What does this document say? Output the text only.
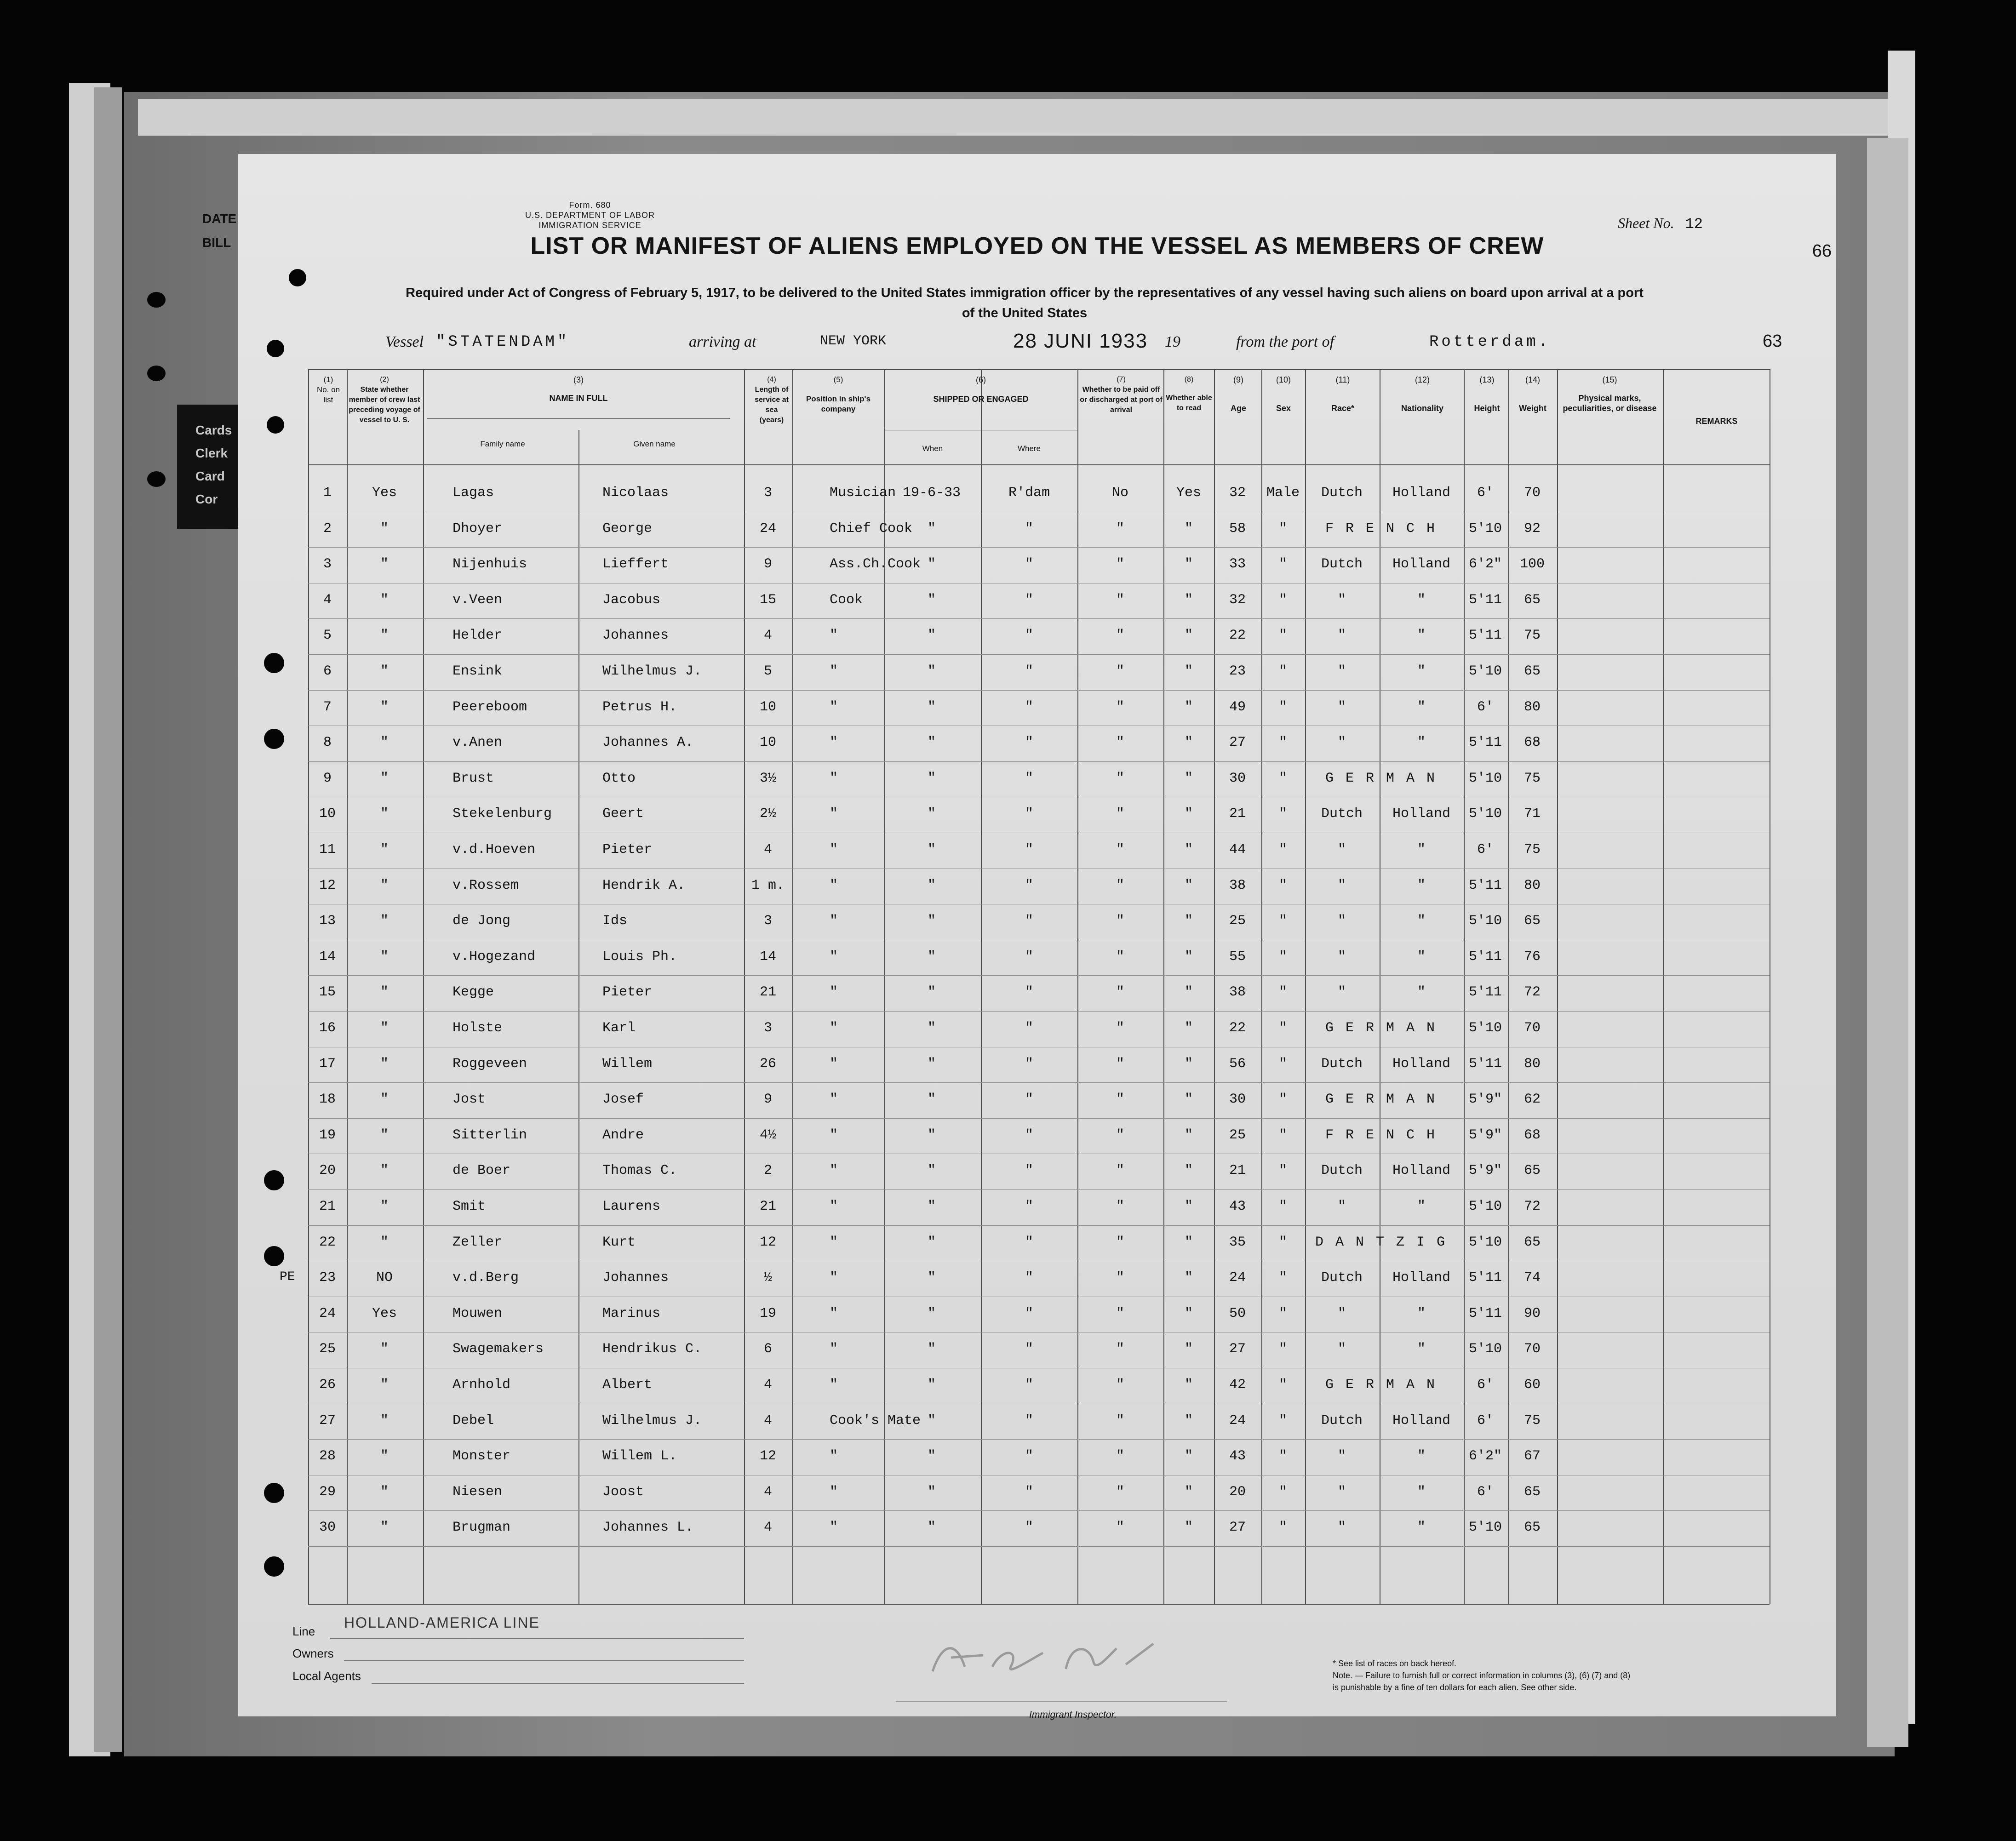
DATE
BILL
Cards
Clerk
Card
Cor
Form. 680
U.S. DEPARTMENT OF LABOR
IMMIGRATION SERVICE	Sheet No. 12
66
LIST OR MANIFEST OF ALIENS EMPLOYED ON THE VESSEL AS MEMBERS OF CREW
Required under Act of Congress of February 5, 1917, to be delivered to the United States immigration officer by the representatives of any vessel having such aliens on board upon arrival at a port
of the United States
Vessel "STATENDAM"	arriving at	NEW YORK	28 JUNI 1933 19	from the port of	Rotterdam.	63
(1)
No. on list
(2)
State whether member of crew last preceding voyage of vessel to U. S.
(3)
NAME IN FULL
Family name	Given name
(4)
Length of service at sea (years)
(5)
Position in ship's company
(6)
SHIPPED OR ENGAGED
When	Where
(7)
Whether to be paid off or discharged at port of arrival
(8)
Whether able to read
(9)
Age
(10)
Sex
(11)
Race*
(12)
Nationality
(13)
Height
(14)
Weight
(15)
Physical marks, peculiarities, or disease
REMARKS
1	Yes	Lagas	Nicolaas	3	Musician 19-6-33	R'dam	No	Yes 32 Male Dutch Holland 6' 70
2	"	Dhoyer	George	24	Chief Cook "	"	"	"	58 "	F R E N C H 5'10 92
3	"	Nijenhuis	Lieffert	9	Ass.Ch.Cook "	"	"	"	33 " Dutch Holland 6'2" 100
4	"	v.Veen	Jacobus	15	Cook	"	"	"	"	32 "	"	"	5'11 65
5	"	Helder	Johannes	4	"	"	"	"	"	22 "	"	"	5'11 75
6	"	Ensink	Wilhelmus J.	5	"	"	"	"	"	23 "	"	"	5'10 65
7	"	Peereboom	Petrus H.	10	"	"	"	"	"	49 "	"	"	6' 80
8	"	v.Anen	Johannes A.	10	"	"	"	"	"	27 "	"	"	5'11 68
9	"	Brust	Otto	3½	"	"	"	"	"	30 "	G E R M A N 5'10 75
10	"	Stekelenburg	Geert	2½	"	"	"	"	"	21 " Dutch Holland 5'10 71
11	"	v.d.Hoeven	Pieter	4	"	"	"	"	"	44 "	"	"	6' 75
12	"	v.Rossem	Hendrik A.	1 m.	"	"	"	"	"	38 "	"	"	5'11 80
13	"	de Jong	Ids	3	"	"	"	"	"	25 "	"	"	5'10 65
14	"	v.Hogezand	Louis Ph.	14	"	"	"	"	"	55 "	"	"	5'11 76
15	"	Kegge	Pieter	21	"	"	"	"	"	38 "	"	"	5'11 72
16	"	Holste	Karl	3	"	"	"	"	"	22 "	G E R M A N 5'10 70
17	"	Roggeveen	Willem	26	"	"	"	"	"	56 " Dutch Holland 5'11 80
18	"	Jost	Josef	9	"	"	"	"	"	30 "	G E R M A N 5'9" 62
19	"	Sitterlin	Andre	4½	"	"	"	"	"	25 "	F R E N C H 5'9" 68
20	"	de Boer	Thomas C.	2	"	"	"	"	"	21 " Dutch Holland 5'9" 65
21	"	Smit	Laurens	21	"	"	"	"	"	43 "	"	"	5'10 72
22	"	Zeller	Kurt	12	"	"	"	"	"	35 " D A N T Z I G 5'10 65
23	NO	v.d.Berg	Johannes	½	"	"	"	"	"	24 " Dutch Holland 5'11 74
PE
24	Yes	Mouwen	Marinus	19	"	"	"	"	"	50 "	"	"	5'11 90
25	"	Swagemakers	Hendrikus C.	6	"	"	"	"	"	27 "	"	"	5'10 70
26	"	Arnhold	Albert	4	"	"	"	"	"	42 "	G E R M A N	6' 60
27	"	Debel	Wilhelmus J.	4	Cook's Mate "	"	"	"	24 " Dutch Holland 6' 75
28	"	Monster	Willem L.	12	"	"	"	"	"	43 "	"	"	6'2" 67
29	"	Niesen	Joost	4	"	"	"	"	"	20 "	"	"	6' 65
30	"	Brugman	Johannes L.	4	"	"	"	"	"	27 "	"	"	5'10 65
Line
HOLLAND-AMERICA LINE
Owners
Local Agents
Immigrant Inspector.
* See list of races on back hereof.
Note. — Failure to furnish full or correct information in columns (3), (6) (7) and (8)
is punishable by a fine of ten dollars for each alien. See other side.
